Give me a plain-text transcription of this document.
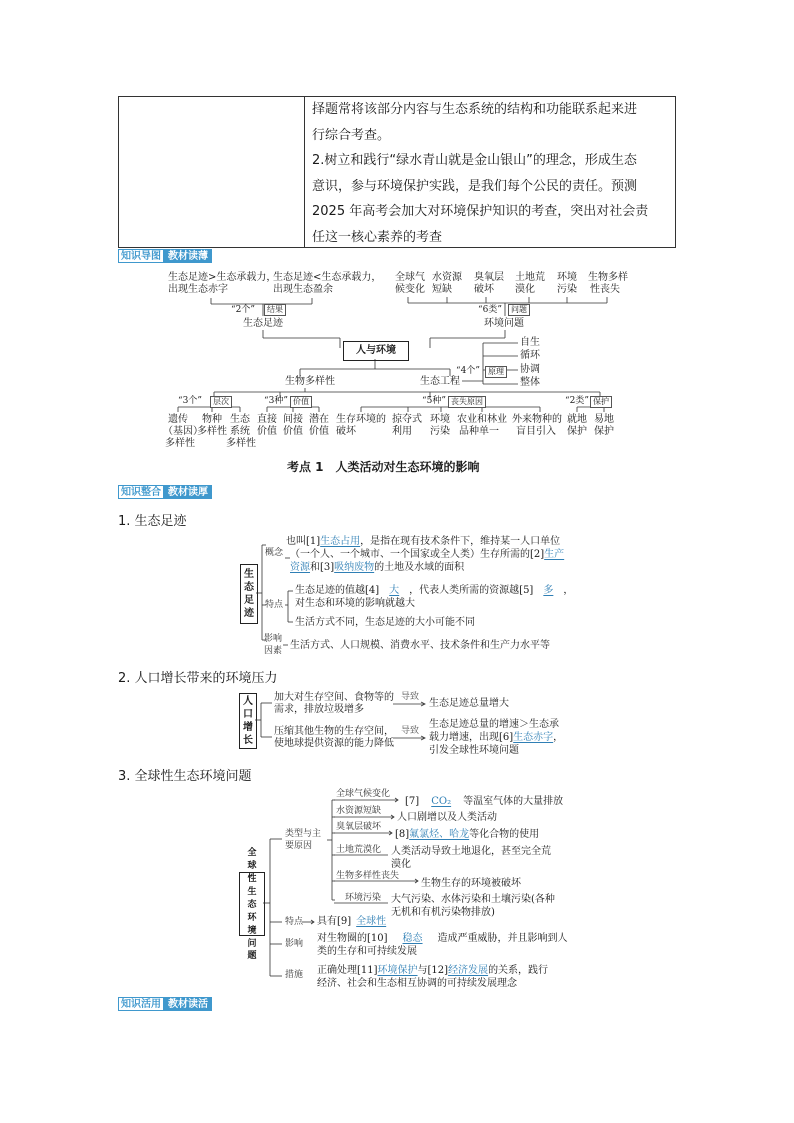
择题常将该部分内容与生态系统的结构和功能联系起来进
行综合考查。
2.树立和践行“绿水青山就是金山银山”的理念，形成生态
意识，参与环境保护实践，是我们每个公民的责任。预测
2025 年高考会加大对环境保护知识的考查，突出对社会责
任这一核心素养的考查
知识导图 教材读薄
生态足迹>生态承载力，
出现生态赤字
生态足迹<生态承载力，
出现生态盈余
“2个”	结果
生态足迹
全球气
候变化
水资源
短缺
臭氧层
破坏
土地荒
漠化
环境
污染
生物多样
性丧失
“6类”	问题
环境问题
人与环境
生态工程
“4个”	原理
自生
循环
协调
整体
生物多样性
“3个”	层次	“3种” 价值	“5种” 丧失原因	“2类” 保护
遗传
（基因）
多样性
物种
多样性
生态
系统
多样性
直接
价值
间接
价值
潜在
价值
生存环境的
破坏
掠夺式
利用
环境
污染
农业和林业
品种单一
外来物种的
盲目引入
就地
保护
易地
保护
考点 1　人类活动对生态环境的影响
知识整合 教材读厚
1. 生态足迹
生
态
足
迹
概念
特点
影响
因素
也叫[1]生态占用，是指在现有技术条件下，维持某一人口单位
（一个人、一个城市、一个国家或全人类）生存所需的[2]生产
资源和[3]吸纳废物的土地及水域的面积
生态足迹的值越[4] 大 ，代表人类所需的资源越[5] 多 ，
对生态和环境的影响就越大
生活方式不同，生态足迹的大小可能不同
生活方式、人口规模、消费水平、技术条件和生产力水平等
2. 人口增长带来的环境压力
人
口
增
长
加大对生存空间、食物等的
需求，排放垃圾增多
导致
生态足迹总量增大
压缩其他生物的生存空间，
使地球提供资源的能力降低
导致
生态足迹总量的增速＞生态承
载力增速，出现[6]生态赤字，
引发全球性环境问题
3. 全球性生态环境问题
全
球
性
生
态
环
境
问
题
类型与主
要原因
特点
影响
措施
全球气候变化
[7] CO₂ 等温室气体的大量排放
水资源短缺
人口剧增以及人类活动
臭氧层破坏
[8]氟氯烃、哈龙等化合物的使用
土地荒漠化 人类活动导致土地退化，甚至完全荒
漠化
生物多样性丧失
生物生存的环境被破坏
环境污染 大气污染、水体污染和土壤污染(各种
无机和有机污染物排放)
具有[9] 全球性
对生物圈的[10] 稳态 造成严重威胁，并且影响到人
类的生存和可持续发展
正确处理[11]环境保护与[12]经济发展的关系，践行
经济、社会和生态相互协调的可持续发展理念
知识活用 教材读活
